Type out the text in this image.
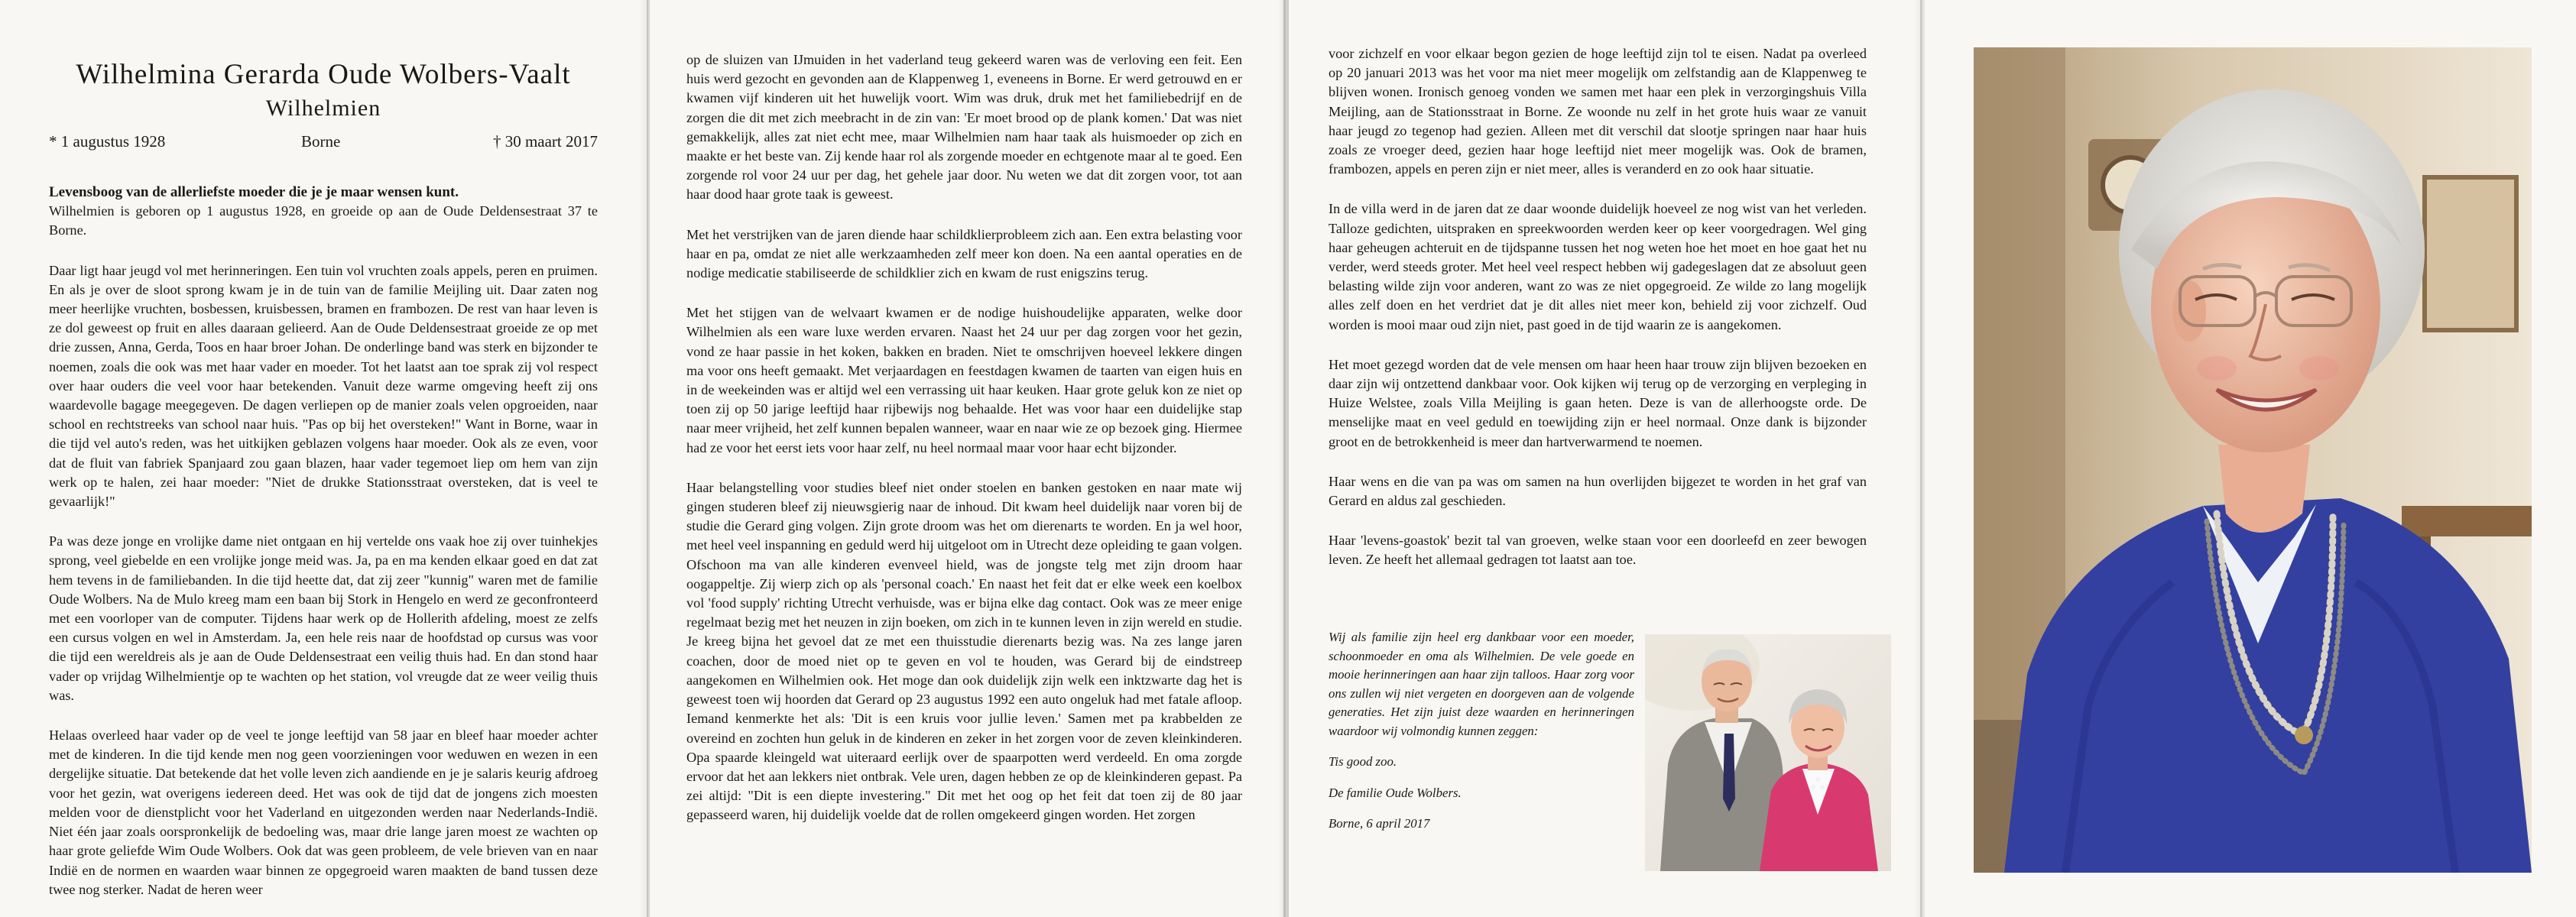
Wilhelmina Gerarda Oude Wolbers-Vaalt
Wilhelmien
* 1 augustus 1928	Borne	† 30 maart 2017

Levensboog van de allerliefste moeder die je je maar wensen kunt.
Wilhelmien is geboren op 1 augustus 1928, en groeide op aan de Oude Deldensestraat 37 te Borne.

Daar ligt haar jeugd vol met herinneringen. Een tuin vol vruchten zoals appels, peren en pruimen. En als je over de sloot sprong kwam je in de tuin van de familie Meijling uit. Daar zaten nog meer heerlijke vruchten, bosbessen, kruisbessen, bramen en frambozen. De rest van haar leven is ze dol geweest op fruit en alles daaraan gelieerd. Aan de Oude Deldensestraat groeide ze op met drie zussen, Anna, Gerda, Toos en haar broer Johan. De onderlinge band was sterk en bijzonder te noemen, zoals die ook was met haar vader en moeder. Tot het laatst aan toe sprak zij vol respect over haar ouders die veel voor haar betekenden. Vanuit deze warme omgeving heeft zij ons waardevolle bagage meegegeven. De dagen verliepen op de manier zoals velen opgroeiden, naar school en rechtstreeks van school naar huis. "Pas op bij het oversteken!" Want in Borne, waar in die tijd vel auto's reden, was het uitkijken geblazen volgens haar moeder. Ook als ze even, voor dat de fluit van fabriek Spanjaard zou gaan blazen, haar vader tegemoet liep om hem van zijn werk op te halen, zei haar moeder: "Niet de drukke Stationsstraat oversteken, dat is veel te gevaarlijk!"

Pa was deze jonge en vrolijke dame niet ontgaan en hij vertelde ons vaak hoe zij over tuinhekjes sprong, veel giebelde en een vrolijke jonge meid was. Ja, pa en ma kenden elkaar goed en dat zat hem tevens in de familiebanden. In die tijd heette dat, dat zij zeer "kunnig" waren met de familie Oude Wolbers. Na de Mulo kreeg mam een baan bij Stork in Hengelo en werd ze geconfronteerd met een voorloper van de computer. Tijdens haar werk op de Hollerith afdeling, moest ze zelfs een cursus volgen en wel in Amsterdam. Ja, een hele reis naar de hoofdstad op cursus was voor die tijd een wereldreis als je aan de Oude Deldensestraat een veilig thuis had. En dan stond haar vader op vrijdag Wilhelmientje op te wachten op het station, vol vreugde dat ze weer veilig thuis was.

Helaas overleed haar vader op de veel te jonge leeftijd van 58 jaar en bleef haar moeder achter met de kinderen. In die tijd kende men nog geen voorzieningen voor weduwen en wezen in een dergelijke situatie. Dat betekende dat het volle leven zich aandiende en je je salaris keurig afdroeg voor het gezin, wat overigens iedereen deed. Het was ook de tijd dat de jongens zich moesten melden voor de dienstplicht voor het Vaderland en uitgezonden werden naar Nederlands-Indië. Niet één jaar zoals oorspronkelijk de bedoeling was, maar drie lange jaren moest ze wachten op haar grote geliefde Wim Oude Wolbers. Ook dat was geen probleem, de vele brieven van en naar Indië en de normen en waarden waar binnen ze opgegroeid waren maakten de band tussen deze twee nog sterker. Nadat de heren weer

op de sluizen van IJmuiden in het vaderland teug gekeerd waren was de verloving een feit. Een huis werd gezocht en gevonden aan de Klappenweg 1, eveneens in Borne. Er werd getrouwd en er kwamen vijf kinderen uit het huwelijk voort. Wim was druk, druk met het familiebedrijf en de zorgen die dit met zich meebracht in de zin van: 'Er moet brood op de plank komen.' Dat was niet gemakkelijk, alles zat niet echt mee, maar Wilhelmien nam haar taak als huismoeder op zich en maakte er het beste van. Zij kende haar rol als zorgende moeder en echtgenote maar al te goed. Een zorgende rol voor 24 uur per dag, het gehele jaar door. Nu weten we dat dit zorgen voor, tot aan haar dood haar grote taak is geweest.

Met het verstrijken van de jaren diende haar schildklierprobleem zich aan. Een extra belasting voor haar en pa, omdat ze niet alle werkzaamheden zelf meer kon doen. Na een aantal operaties en de nodige medicatie stabiliseerde de schildklier zich en kwam de rust enigszins terug.

Met het stijgen van de welvaart kwamen er de nodige huishoudelijke apparaten, welke door Wilhelmien als een ware luxe werden ervaren. Naast het 24 uur per dag zorgen voor het gezin, vond ze haar passie in het koken, bakken en braden. Niet te omschrijven hoeveel lekkere dingen ma voor ons heeft gemaakt. Met verjaardagen en feestdagen kwamen de taarten van eigen huis en in de weekeinden was er altijd wel een verrassing uit haar keuken. Haar grote geluk kon ze niet op toen zij op 50 jarige leeftijd haar rijbewijs nog behaalde. Het was voor haar een duidelijke stap naar meer vrijheid, het zelf kunnen bepalen wanneer, waar en naar wie ze op bezoek ging. Hiermee had ze voor het eerst iets voor haar zelf, nu heel normaal maar voor haar echt bijzonder.

Haar belangstelling voor studies bleef niet onder stoelen en banken gestoken en naar mate wij gingen studeren bleef zij nieuwsgierig naar de inhoud. Dit kwam heel duidelijk naar voren bij de studie die Gerard ging volgen. Zijn grote droom was het om dierenarts te worden. En ja wel hoor, met heel veel inspanning en geduld werd hij uitgeloot om in Utrecht deze opleiding te gaan volgen. Ofschoon ma van alle kinderen evenveel hield, was de jongste telg met zijn droom haar oogappeltje. Zij wierp zich op als 'personal coach.' En naast het feit dat er elke week een koelbox vol 'food supply' richting Utrecht verhuisde, was er bijna elke dag contact. Ook was ze meer enige regelmaat bezig met het neuzen in zijn boeken, om zich in te kunnen leven in zijn wereld en studie. Je kreeg bijna het gevoel dat ze met een thuisstudie dierenarts bezig was. Na zes lange jaren coachen, door de moed niet op te geven en vol te houden, was Gerard bij de eindstreep aangekomen en Wilhelmien ook. Het moge dan ook duidelijk zijn welk een inktzwarte dag het is geweest toen wij hoorden dat Gerard op 23 augustus 1992 een auto ongeluk had met fatale afloop. Iemand kenmerkte het als: 'Dit is een kruis voor jullie leven.' Samen met pa krabbelden ze overeind en zochten hun geluk in de kinderen en zeker in het zorgen voor de zeven kleinkinderen. Opa spaarde kleingeld wat uiteraard eerlijk over de spaarpotten werd verdeeld. En oma zorgde ervoor dat het aan lekkers niet ontbrak. Vele uren, dagen hebben ze op de kleinkinderen gepast. Pa zei altijd: "Dit is een diepte investering." Dit met het oog op het feit dat toen zij de 80 jaar gepasseerd waren, hij duidelijk voelde dat de rollen omgekeerd gingen worden. Het zorgen

voor zichzelf en voor elkaar begon gezien de hoge leeftijd zijn tol te eisen. Nadat pa overleed op 20 januari 2013 was het voor ma niet meer mogelijk om zelfstandig aan de Klappenweg te blijven wonen. Ironisch genoeg vonden we samen met haar een plek in verzorgingshuis Villa Meijling, aan de Stationsstraat in Borne. Ze woonde nu zelf in het grote huis waar ze vanuit haar jeugd zo tegenop had gezien. Alleen met dit verschil dat slootje springen naar haar huis zoals ze vroeger deed, gezien haar hoge leeftijd niet meer mogelijk was. Ook de bramen, frambozen, appels en peren zijn er niet meer, alles is veranderd en zo ook haar situatie.

In de villa werd in de jaren dat ze daar woonde duidelijk hoeveel ze nog wist van het verleden. Talloze gedichten, uitspraken en spreekwoorden werden keer op keer voorgedragen. Wel ging haar geheugen achteruit en de tijdspanne tussen het nog weten hoe het moet en hoe gaat het nu verder, werd steeds groter. Met heel veel respect hebben wij gadegeslagen dat ze absoluut geen belasting wilde zijn voor anderen, want zo was ze niet opgegroeid. Ze wilde zo lang mogelijk alles zelf doen en het verdriet dat je dit alles niet meer kon, behield zij voor zichzelf. Oud worden is mooi maar oud zijn niet, past goed in de tijd waarin ze is aangekomen.

Het moet gezegd worden dat de vele mensen om haar heen haar trouw zijn blijven bezoeken en daar zijn wij ontzettend dankbaar voor. Ook kijken wij terug op de verzorging en verpleging in Huize Welstee, zoals Villa Meijling is gaan heten. Deze is van de allerhoogste orde. De menselijke maat en veel geduld en toewijding zijn er heel normaal. Onze dank is bijzonder groot en de betrokkenheid is meer dan hartverwarmend te noemen.

Haar wens en die van pa was om samen na hun overlijden bijgezet te worden in het graf van Gerard en aldus zal geschieden.

Haar 'levens-goastok' bezit tal van groeven, welke staan voor een doorleefd en zeer bewogen leven. Ze heeft het allemaal gedragen tot laatst aan toe.

Wij als familie zijn heel erg dankbaar voor een moeder, schoonmoeder en oma als Wilhelmien. De vele goede en mooie herinneringen aan haar zijn talloos. Haar zorg voor ons zullen wij niet vergeten en doorgeven aan de volgende generaties. Het zijn juist deze waarden en herinneringen waardoor wij volmondig kunnen zeggen:

Tis good zoo.

De familie Oude Wolbers.

Borne, 6 april 2017
